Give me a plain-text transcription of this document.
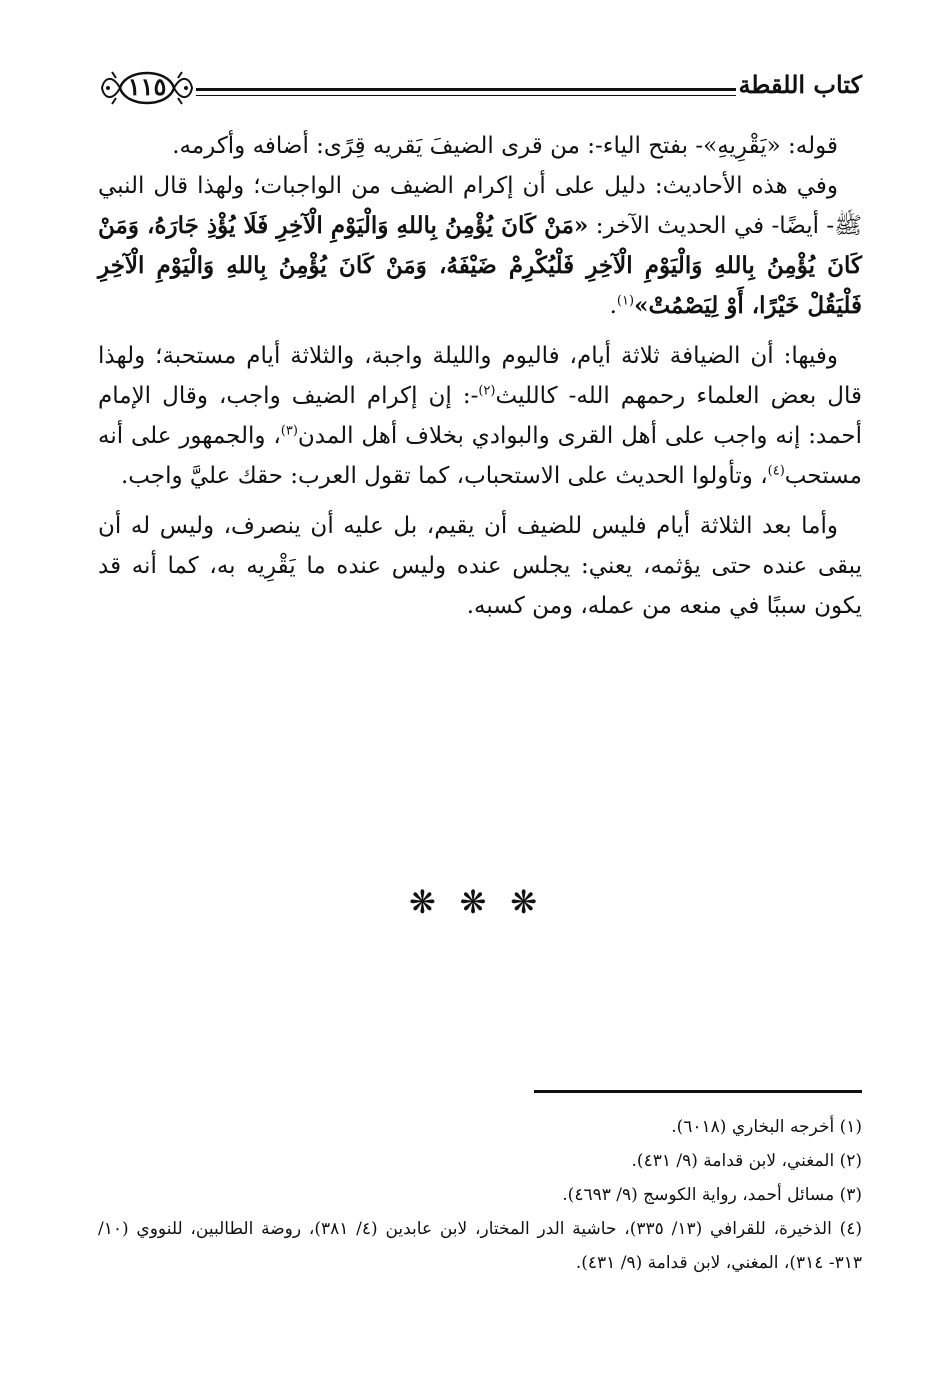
كتاب اللقطة
١١٥

قوله: «يَقْرِيهِ»- بفتح الياء-: من قرى الضيفَ يَقريه قِرًى: أضافه وأكرمه.

وفي هذه الأحاديث: دليل على أن إكرام الضيف من الواجبات؛ ولهذا قال النبي ﷺ- أيضًا- في الحديث الآخر: «مَنْ كَانَ يُؤْمِنُ بِاللهِ وَالْيَوْمِ الْآخِرِ فَلَا يُؤْذِ جَارَهُ، وَمَنْ كَانَ يُؤْمِنُ بِاللهِ وَالْيَوْمِ الْآخِرِ فَلْيُكْرِمْ ضَيْفَهُ، وَمَنْ كَانَ يُؤْمِنُ بِاللهِ وَالْيَوْمِ الْآخِرِ فَلْيَقُلْ خَيْرًا، أَوْ لِيَصْمُتْ»$^{(١)}$.

وفيها: أن الضيافة ثلاثة أيام، فاليوم والليلة واجبة، والثلاثة أيام مستحبة؛ ولهذا قال بعض العلماء رحمهم الله- كالليث$^{(٢)}$-: إن إكرام الضيف واجب، وقال الإمام أحمد: إنه واجب على أهل القرى والبوادي بخلاف أهل المدن$^{(٣)}$، والجمهور على أنه مستحب$^{(٤)}$، وتأولوا الحديث على الاستحباب، كما تقول العرب: حقك عليَّ واجب.

وأما بعد الثلاثة أيام فليس للضيف أن يقيم، بل عليه أن ينصرف، وليس له أن يبقى عنده حتى يؤثمه، يعني: يجلس عنده وليس عنده ما يَقْرِيه به، كما أنه قد يكون سببًا في منعه من عمله، ومن كسبه.

❋ ❋ ❋

(١) أخرجه البخاري (٦٠١٨).

(٢) المغني، لابن قدامة (٩/ ٤٣١).

(٣) مسائل أحمد، رواية الكوسج (٩/ ٤٦٩٣).

(٤) الذخيرة، للقرافي (١٣/ ٣٣٥)، حاشية الدر المختار، لابن عابدين (٤/ ٣٨١)، روضة الطالبين، للنووي (١٠/ ٣١٣- ٣١٤)، المغني، لابن قدامة (٩/ ٤٣١).
